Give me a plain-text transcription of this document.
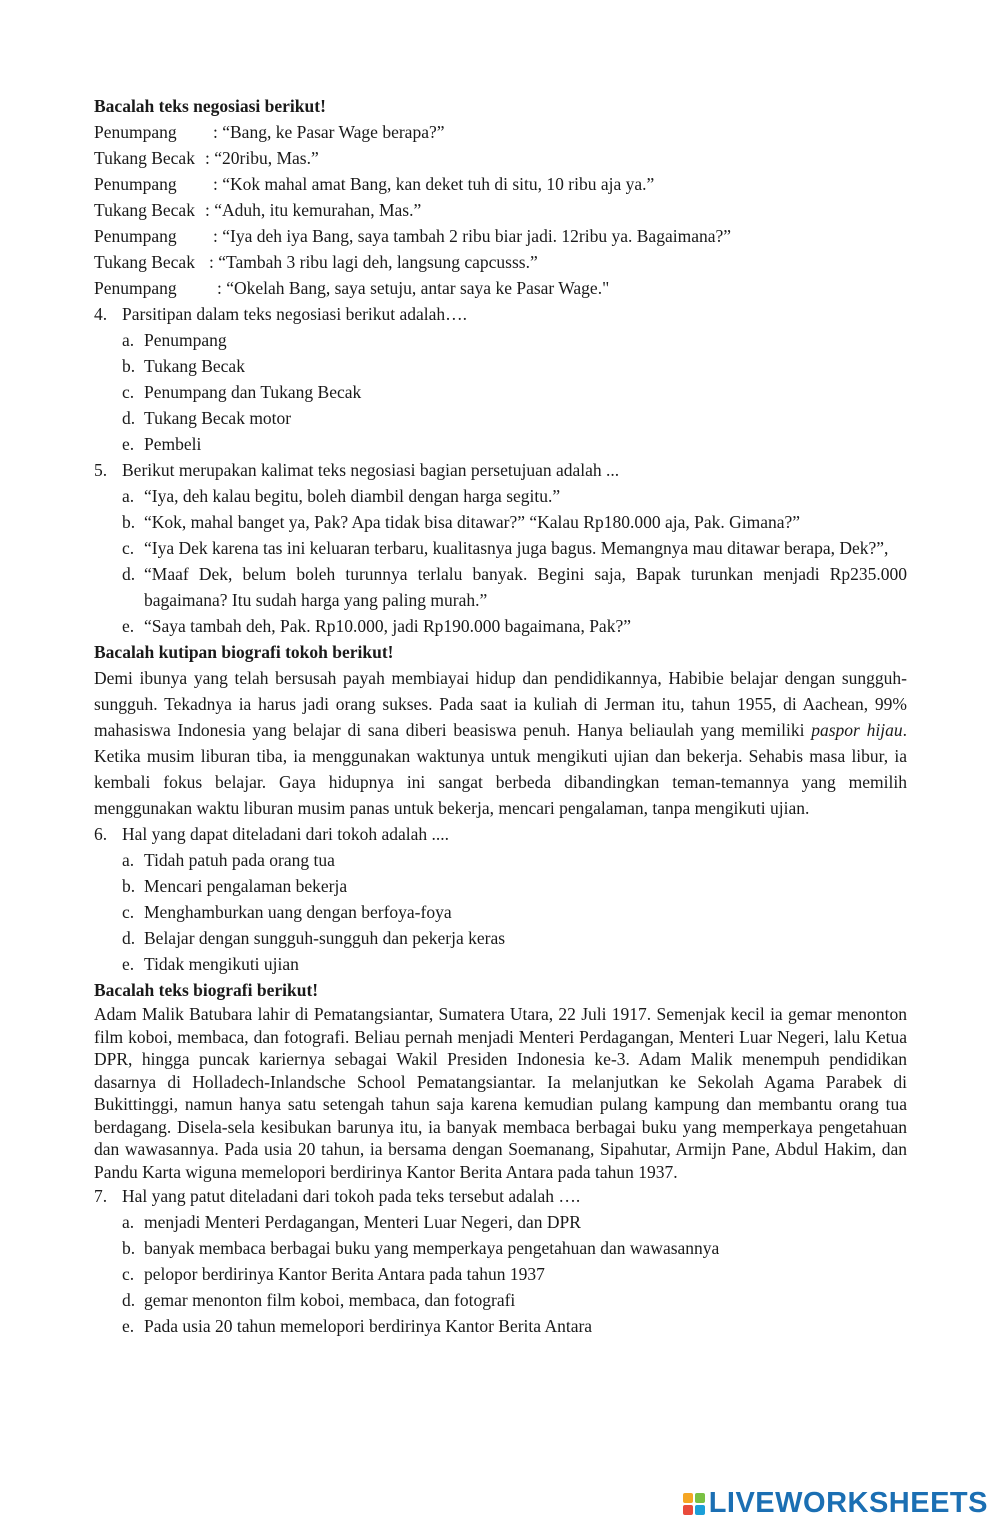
Bacalah teks negosiasi berikut!
Penumpang	: “Bang, ke Pasar Wage berapa?”
Tukang Becak : “20ribu, Mas.”
Penumpang	: “Kok mahal amat Bang, kan deket tuh di situ, 10 ribu aja ya.”
Tukang Becak : “Aduh, itu kemurahan, Mas.”
Penumpang	: “Iya deh iya Bang, saya tambah 2 ribu biar jadi. 12ribu ya. Bagaimana?”
Tukang Becak : “Tambah 3 ribu lagi deh, langsung capcusss.”
Penumpang	: “Okelah Bang, saya setuju, antar saya ke Pasar Wage."
4. Parsitipan dalam teks negosiasi berikut adalah….
a. Penumpang
b. Tukang Becak
c. Penumpang dan Tukang Becak
d. Tukang Becak motor
e. Pembeli
5. Berikut merupakan kalimat teks negosiasi bagian persetujuan adalah ...
a. “Iya, deh kalau begitu, boleh diambil dengan harga segitu.”
b. “Kok, mahal banget ya, Pak? Apa tidak bisa ditawar?” “Kalau Rp180.000 aja, Pak. Gimana?”
c. “Iya Dek karena tas ini keluaran terbaru, kualitasnya juga bagus. Memangnya mau ditawar berapa, Dek?”,
d. “Maaf Dek, belum boleh turunnya terlalu banyak. Begini saja, Bapak turunkan menjadi Rp235.000 bagaimana? Itu sudah harga yang paling murah.”
e. “Saya tambah deh, Pak. Rp10.000, jadi Rp190.000 bagaimana, Pak?”
Bacalah kutipan biografi tokoh berikut!
Demi ibunya yang telah bersusah payah membiayai hidup dan pendidikannya, Habibie belajar dengan sungguh-sungguh. Tekadnya ia harus jadi orang sukses. Pada saat ia kuliah di Jerman itu, tahun 1955, di Aachean, 99% mahasiswa Indonesia yang belajar di sana diberi beasiswa penuh. Hanya beliaulah yang memiliki paspor hijau. Ketika musim liburan tiba, ia menggunakan waktunya untuk mengikuti ujian dan bekerja. Sehabis masa libur, ia kembali fokus belajar. Gaya hidupnya ini sangat berbeda dibandingkan teman-temannya yang memilih menggunakan waktu liburan musim panas untuk bekerja, mencari pengalaman, tanpa mengikuti ujian.
6. Hal yang dapat diteladani dari tokoh adalah ....
a. Tidah patuh pada orang tua
b. Mencari pengalaman bekerja
c. Menghamburkan uang dengan berfoya-foya
d. Belajar dengan sungguh-sungguh dan pekerja keras
e. Tidak mengikuti ujian
Bacalah teks biografi berikut!
Adam Malik Batubara lahir di Pematangsiantar, Sumatera Utara, 22 Juli 1917. Semenjak kecil ia gemar menonton film koboi, membaca, dan fotografi. Beliau pernah menjadi Menteri Perdagangan, Menteri Luar Negeri, lalu Ketua DPR, hingga puncak kariernya sebagai Wakil Presiden Indonesia ke-3. Adam Malik menempuh pendidikan dasarnya di Holladech-Inlandsche School Pematangsiantar. Ia melanjutkan ke Sekolah Agama Parabek di Bukittinggi, namun hanya satu setengah tahun saja karena kemudian pulang kampung dan membantu orang tua berdagang. Disela-sela kesibukan barunya itu, ia banyak membaca berbagai buku yang memperkaya pengetahuan dan wawasannya. Pada usia 20 tahun, ia bersama dengan Soemanang, Sipahutar, Armijn Pane, Abdul Hakim, dan Pandu Karta wiguna memelopori berdirinya Kantor Berita Antara pada tahun 1937.
7. Hal yang patut diteladani dari tokoh pada teks tersebut adalah ….
a. menjadi Menteri Perdagangan, Menteri Luar Negeri, dan DPR
b. banyak membaca berbagai buku yang memperkaya pengetahuan dan wawasannya
c. pelopor berdirinya Kantor Berita Antara pada tahun 1937
d. gemar menonton film koboi, membaca, dan fotografi
e. Pada usia 20 tahun memelopori berdirinya Kantor Berita Antara
LIVEWORKSHEETS
